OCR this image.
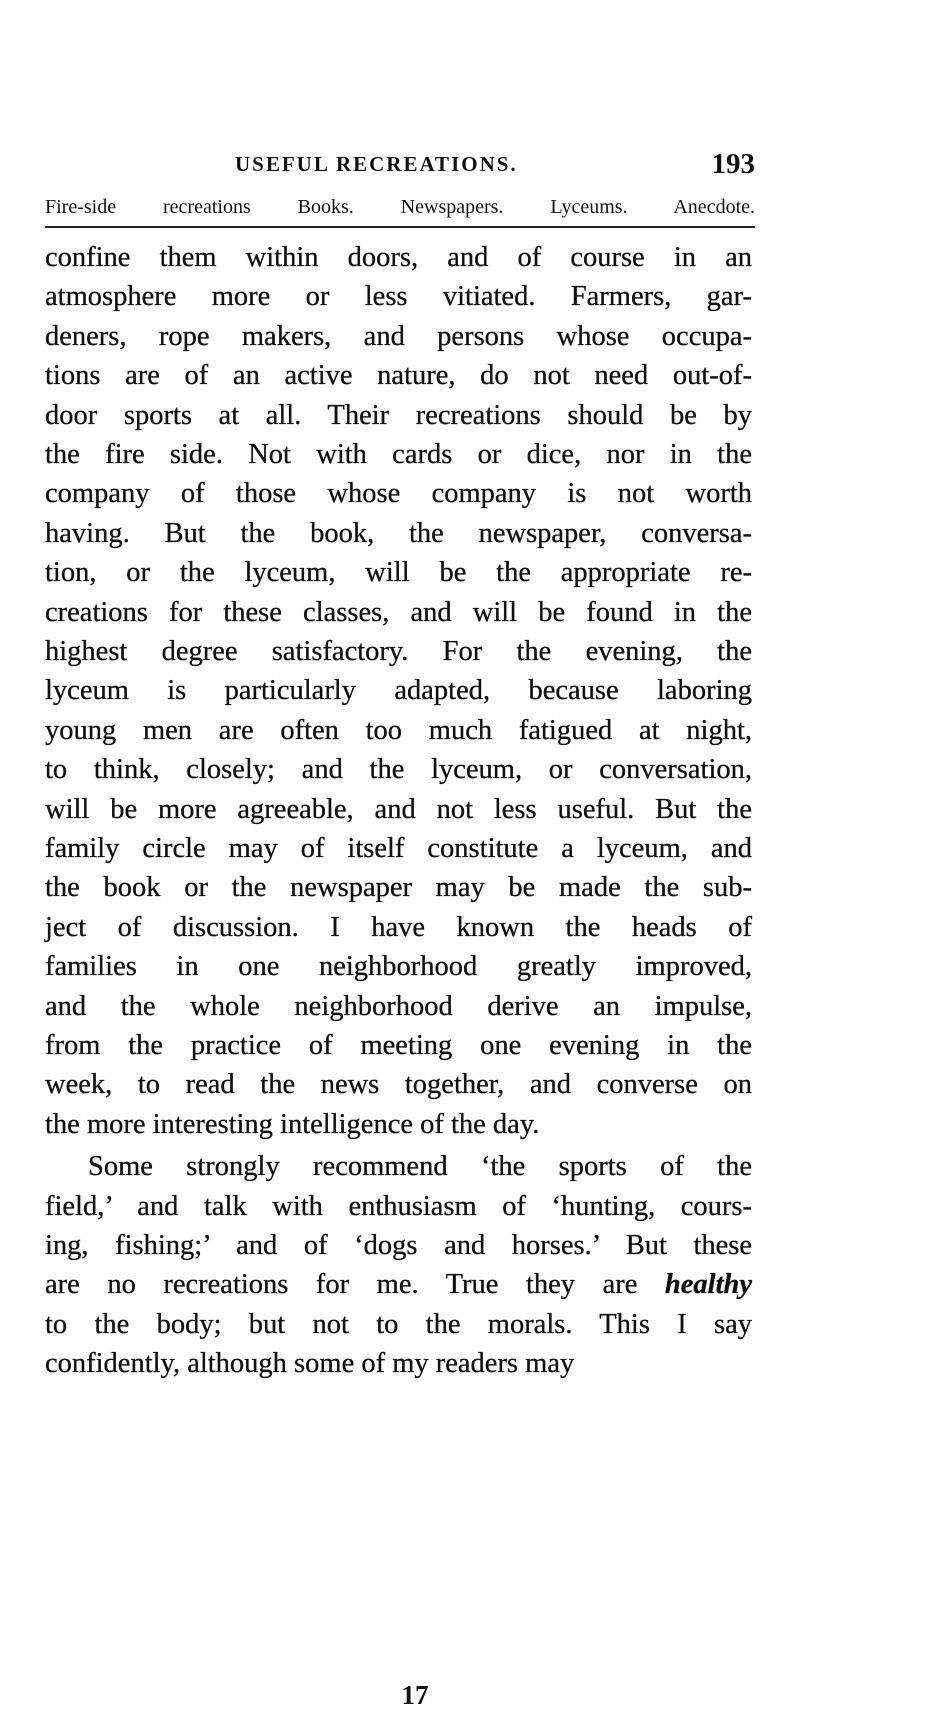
USEFUL RECREATIONS.	193
Fire-side recreations Books. Newspapers. Lyceums. Anecdote.
confine them within doors, and of course in an
atmosphere more or less vitiated. Farmers, gar-
deners, rope makers, and persons whose occupa-
tions are of an active nature, do not need out-of-
door sports at all. Their recreations should be by
the fire side. Not with cards or dice, nor in the
company of those whose company is not worth
having. But the book, the newspaper, conversa-
tion, or the lyceum, will be the appropriate re-
creations for these classes, and will be found in the
highest degree satisfactory. For the evening, the
lyceum is particularly adapted, because laboring
young men are often too much fatigued at night,
to think, closely; and the lyceum, or conversation,
will be more agreeable, and not less useful. But the
family circle may of itself constitute a lyceum, and
the book or the newspaper may be made the sub-
ject of discussion. I have known the heads of
families in one neighborhood greatly improved,
and the whole neighborhood derive an impulse,
from the practice of meeting one evening in the
week, to read the news together, and converse on
the more interesting intelligence of the day.
Some strongly recommend ‘the sports of the
field,’ and talk with enthusiasm of ‘hunting, cours-
ing, fishing;’ and of ‘dogs and horses.’ But these
are no recreations for me. True they are healthy
to the body; but not to the morals. This I say
confidently, although some of my readers may
17
